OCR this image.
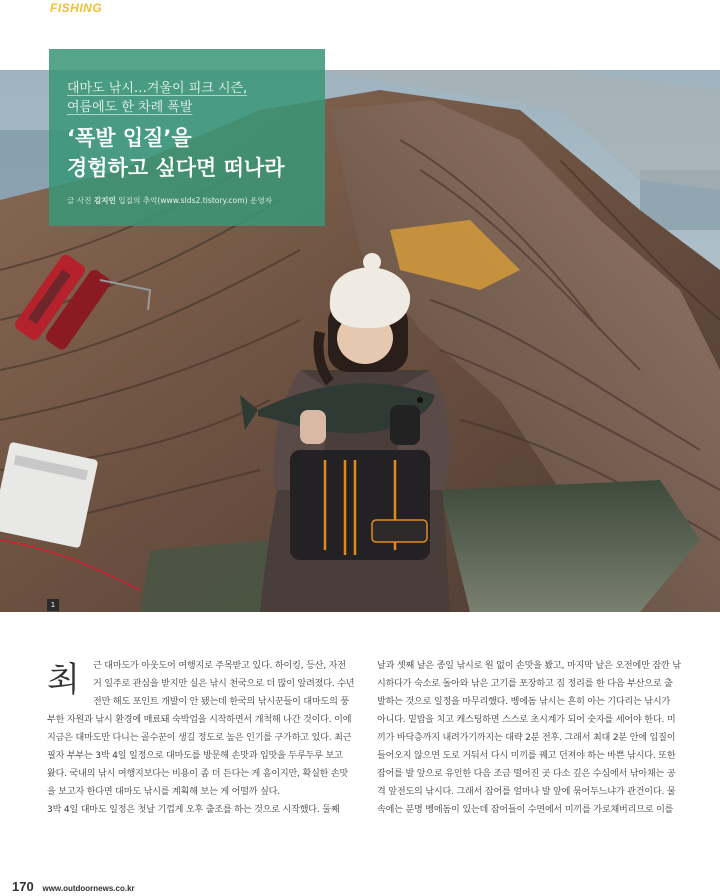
FISHING
1
대마도 낚시…겨울이 피크 시즌,
여름에도 한 차례 폭발
‘폭발 입질’을
경험하고 싶다면 떠나라
글 사진 김지민 입질의 추억(www.slds2.tistory.com) 운영자
최	근 대마도가 아웃도어 여행지로 주목받고 있다. 하이킹, 등산, 자전
거 일주로 관심을 받지만 실은 낚시 천국으로 더 많이 알려졌다. 수년
전만 해도 포인트 개발이 안 됐는데 한국의 낚시꾼들이 대마도의 풍
부한 자원과 낚시 환경에 매료돼 숙박업을 시작하면서 개척해 나간 것이다. 이에
지금은 대마도만 다니는 골수꾼이 생길 정도로 높은 인기를 구가하고 있다. 최근
필자 부부는 3박 4일 일정으로 대마도를 방문해 손맛과 입맛을 두루두루 보고
왔다. 국내의 낚시 여행지보다는 비용이 좀 더 든다는 게 흠이지만, 확실한 손맛
을 보고자 한다면 대마도 낚시를 계획해 보는 게 어떨까 싶다.
3박 4일 대마도 일정은 첫날 기껍게 오후 출조를 하는 것으로 시작했다. 둘째
날과 셋째 날은 종일 낚시로 원 없이 손맛을 봤고, 마지막 날은 오전에만 잠깐 낚
시하다가 숙소로 돌아와 낚은 고기를 포장하고 짐 정리를 한 다음 부산으로 출
발하는 것으로 일정을 마무리했다. 벵에돔 낚시는 흔히 아는 기다리는 낚시가
아니다. 밑밥을 치고 캐스팅하면 스스로 초시계가 되어 숫자를 세어야 한다. 미
끼가 바닥층까지 내려가기까지는 대략 2분 전후. 그래서 최대 2분 안에 입질이
들어오지 않으면 도로 거둬서 다시 미끼를 꿰고 던져야 하는 바쁜 낚시다. 또한
잡어를 발 앞으로 유인한 다음 조금 떨어진 곳 다소 깊은 수심에서 낚아채는 공
격 앞전도의 낚시다. 그래서 잡어를 얼마나 발 앞에 묶어두느냐가 관건이다. 물
속에는 분명 벵에돔이 있는데 잡어들이 수면에서 미끼를 가로채버리므로 이를
170 www.outdoornews.co.kr
